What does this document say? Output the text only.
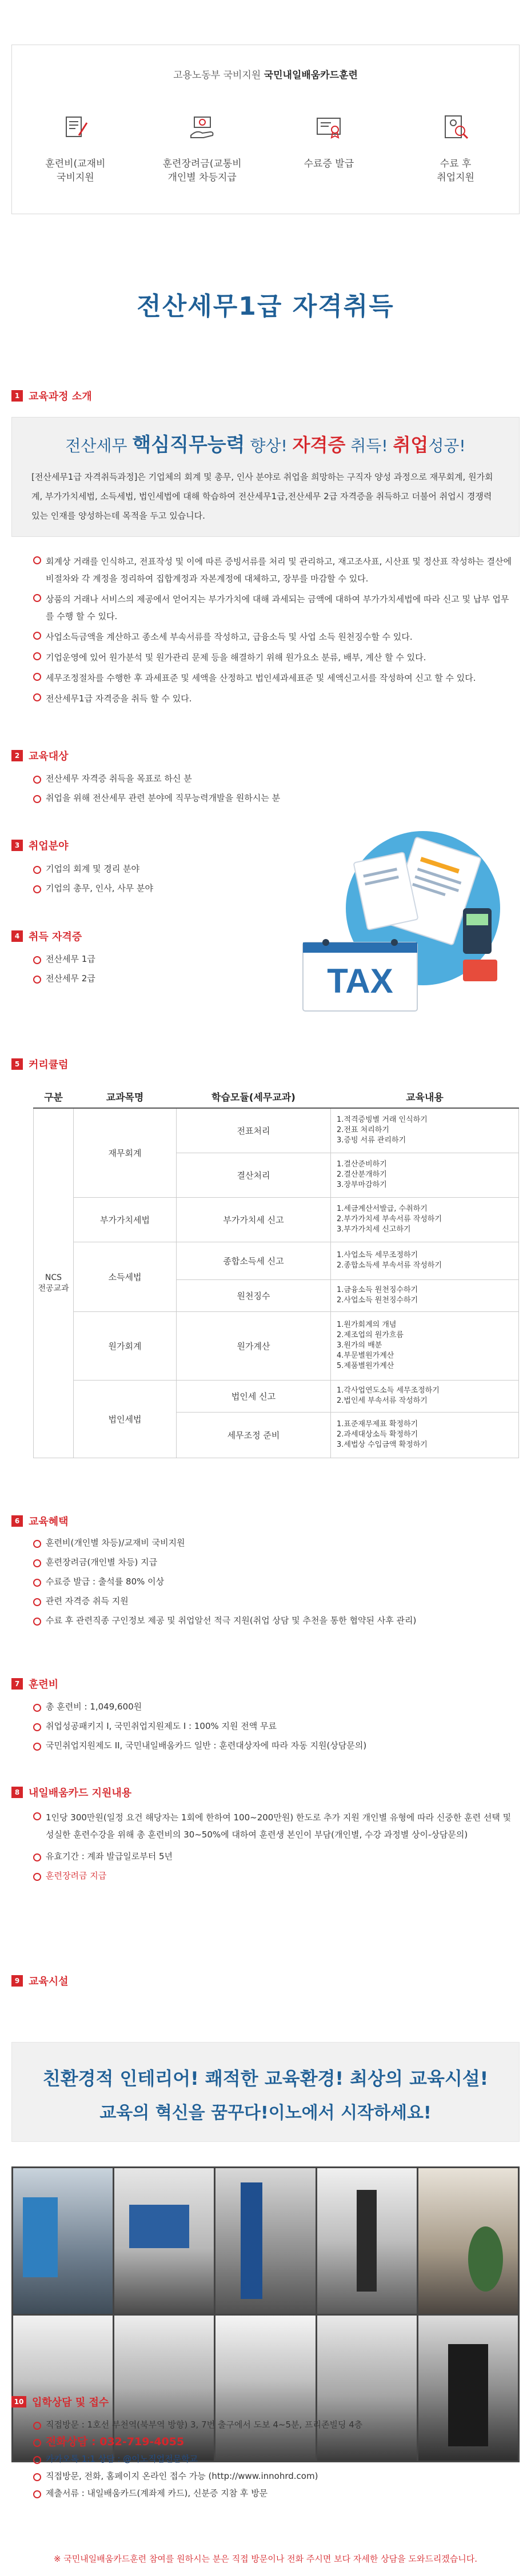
고용노동부 국비지원 국민내일배움카드훈련
훈련비(교재비
국비지원
훈련장려금(교통비
개인별 차등지급
수료증 발급	수료 후
취업지원
전산세무1급 자격취득
1 교육과정 소개
전산세무 핵심직무능력 향상! 자격증 취득! 취업성공!
[전산세무1급 자격취득과정]은 기업체의 회계 및 총무, 인사 분야로 취업을 희망하는 구직자 양성 과정으로 재무회계, 원가회계, 부가가치세법, 소득세법, 법인세법에 대해 학습하여 전산세무1급,전산세무 2급 자격증을 취득하고 더불어 취업시 경쟁력 있는 인재를 양성하는데 목적을 두고 있습니다.
회계상 거래를 인식하고, 전표작성 및 이에 따른 증빙서류를 처리 및 관리하고, 재고조사표, 시산표 및 정산표 작성하는 결산에비절차와 각 계정을 정리하여 집합계정과 자본계정에 대체하고, 장부를 마감할 수 있다.
상품의 거래나 서비스의 제공에서 얻어지는 부가가치에 대해 과세되는 금액에 대하여 부가가치세법에 따라 신고 및 납부 업무를 수행 할 수 있다.
사업소득금액을 계산하고 종소세 부속서류를 작성하고, 급융소득 및 사업 소득 원천징수할 수 있다.
기업운영에 있어 원가분석 및 원가관리 문제 등을 해결하기 위해 원가요소 분류, 배부, 계산 할 수 있다.
세무조정절차를 수행한 후 과세표준 및 세액을 산정하고 법인세과세표준 및 세액신고서를 작성하여 신고 할 수 있다.
전산세무1급 자격증을 취득 할 수 있다.
2 교육대상
전산세무 자격증 취득을 목표로 하신 분
취업을 위해 전산세무 관련 분야에 직무능력개발을 원하시는 분
3 취업분야
기업의 회계 및 경리 분야
기업의 총무, 인사, 사무 분야
4 취득 자격증
전산세무 1급
전산세무 2급	TAX
5 커리큘럼
구분	교과목명	학습모듈(세무교과)	교육내용
NCS
전공교과	재무회계	전표처리	1.적격증빙별 거래 인식하기
2.전표 처리하기
3.증빙 서류 관리하기
		결산처리	1.결산준비하기
2.결산분개하기
3.장부마감하기
	부가가치세법	부가가치세 신고	1.세금계산서발급, 수취하기
2.부가가치세 부속서류 작성하기
3.부가가치세 신고하기
	소득세법	종합소득세 신고	1.사업소득 세무조정하기
2.종합소득세 부속서류 작성하기
		원천징수	1.금융소득 원천징수하기
2.사업소득 원천징수하기
	원가회계	원가계산	1.원가회계의 개념
2.제조업의 원가흐름
3.원가의 배분
4.부문별원가계산
5.제품별원가계산
	법인세법	법인세 신고	1.각사업연도소득 세무조정하기
2.법인세 부속서류 작성하기
		세무조정 준비	1.표준재무제표 확정하기
2.과세대상소득 확정하기
3.세법상 수입금액 확정하기
6 교육혜택
훈련비(개인별 차등)/교재비 국비지원
훈련장려금(개인별 차등) 지급
수료증 발급 : 출석률 80% 이상
관련 자격증 취득 지원
수료 후 관련직종 구인정보 제공 및 취업알선 적극 지원(취업 상담 및 추천을 통한 협약된 사후 관리)
7 훈련비
총 훈련비 : 1,049,600원
취업성공패키지 I, 국민취업지원제도 I : 100% 지원 전액 무료
국민취업지원제도 II, 국민내일배움카드 일반 : 훈련대상자에 따라 자동 지원(상담문의)
8 내일배움카드 지원내용
1인당 300만원(일정 요건 해당자는 1회에 한하여 100~200만원) 한도로 추가 지원 개인별 유형에 따라 신중한 훈련 선택 및 성실한 훈련수강을 위해 총 훈련비의 30~50%에 대하여 훈련생 본인이 부담(개인별, 수강 과정별 상이-상담문의)
유효기간 : 계좌 발급일로부터 5년
훈련장려금 지급
9 교육시설
친환경적 인테리어! 쾌적한 교육환경! 최상의 교육시설!
교육의 혁신을 꿈꾸다!이노에서 시작하세요!
10 입학상담 및 접수
직접방문 : 1호선 부천역(북부역 방향) 3, 7번 출구에서 도보 4~5분, 프리존빌딩 4층
전화상담 : 032-719-4055
카카오톡 1:1 상담 : @이노직업전문학교
직접방문, 전화, 홈페이지 온라인 접수 가능 (http://www.innohrd.com)
제출서류 : 내일배움카드(계좌제 카드), 신분증 지참 후 방문
※ 국민내일배움카드훈련 참여를 원하시는 분은 직접 방문이나 전화 주시면 보다 자세한 상담을 도와드리겠습니다.
